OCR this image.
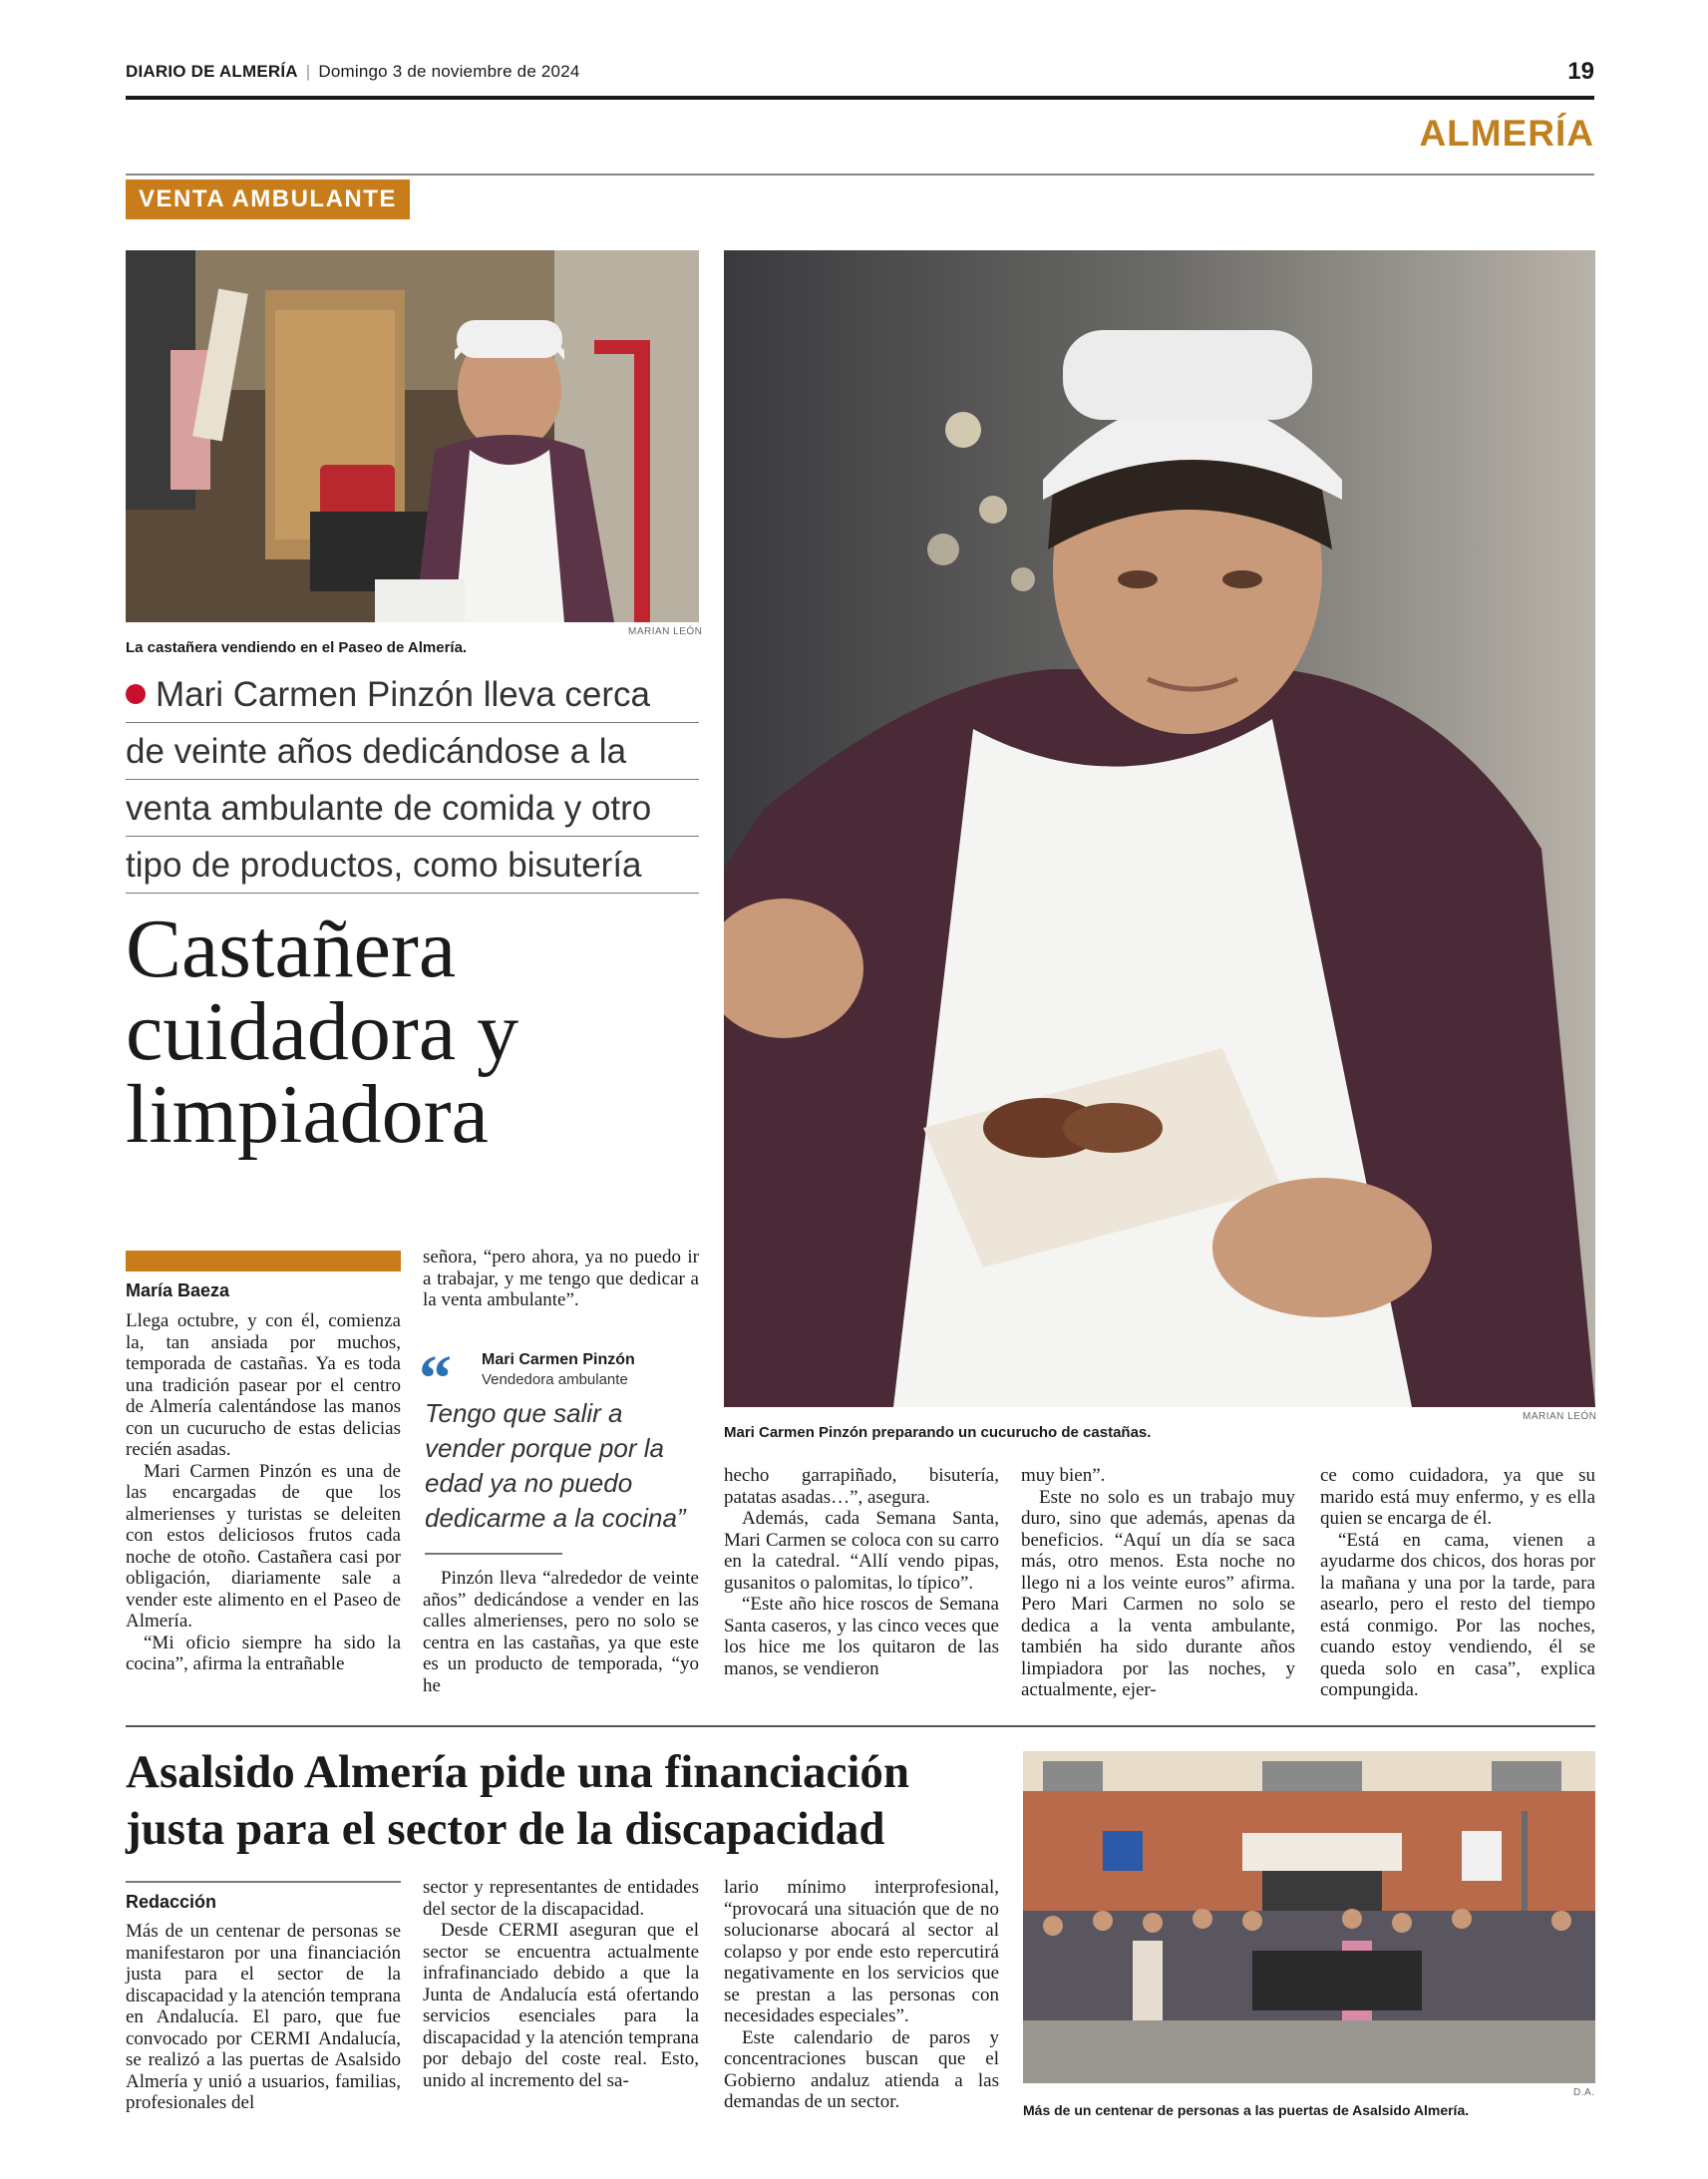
DIARIO DE ALMERÍA | Domingo 3 de noviembre de 2024	19
ALMERÍA
VENTA AMBULANTE
MARIAN LEÓN
La castañera vendiendo en el Paseo de Almería.
Mari Carmen Pinzón lleva cerca
de veinte años dedicándose a la
venta ambulante de comida y otro
tipo de productos, como bisutería
Castañera
cuidadora y
limpiadora
MARIAN LEÓN
Mari Carmen Pinzón preparando un cucurucho de castañas.
María Baeza

Llega octubre, y con él, comienza la, tan ansiada por muchos, temporada de castañas. Ya es toda una tradición pasear por el centro de Almería calentándose las manos con un cucurucho de estas delicias recién asadas.

Mari Carmen Pinzón es una de las encargadas de que los almerienses y turistas se deleiten con estos deliciosos frutos cada noche de otoño. Castañera casi por obligación, diariamente sale a vender este alimento en el Paseo de Almería.

“Mi oficio siempre ha sido la cocina”, afirma la entrañable

señora, “pero ahora, ya no puedo ir a trabajar, y me tengo que dedicar a la venta ambulante”.

“ Mari Carmen Pinzón
Vendedora ambulante
Tengo que salir a vender porque por la edad ya no puedo dedicarme a la cocina”

Pinzón lleva “alrededor de veinte años” dedicándose a vender en las calles almerienses, pero no solo se centra en las castañas, ya que este es un producto de temporada, “yo he

hecho garrapiñado, bisutería, patatas asadas…”, asegura.

Además, cada Semana Santa, Mari Carmen se coloca con su carro en la catedral. “Allí vendo pipas, gusanitos o palomitas, lo típico”.

“Este año hice roscos de Semana Santa caseros, y las cinco veces que los hice me los quitaron de las manos, se vendieron

muy bien”.

Este no solo es un trabajo muy duro, sino que además, apenas da beneficios. “Aquí un día se saca más, otro menos. Esta noche no llego ni a los veinte euros” afirma. Pero Mari Carmen no solo se dedica a la venta ambulante, también ha sido durante años limpiadora por las noches, y actualmente, ejer-

ce como cuidadora, ya que su marido está muy enfermo, y es ella quien se encarga de él.

“Está en cama, vienen a ayudarme dos chicos, dos horas por la mañana y una por la tarde, para asearlo, pero el resto del tiempo está conmigo. Por las noches, cuando estoy vendiendo, él se queda solo en casa”, explica compungida.

Asalsido Almería pide una financiación justa para el sector de la discapacidad
Redacción

Más de un centenar de personas se manifestaron por una financiación justa para el sector de la discapacidad y la atención temprana en Andalucía. El paro, que fue convocado por CERMI Andalucía, se realizó a las puertas de Asalsido Almería y unió a usuarios, familias, profesionales del

sector y representantes de entidades del sector de la discapacidad.

Desde CERMI aseguran que el sector se encuentra actualmente infrafinanciado debido a que la Junta de Andalucía está ofertando servicios esenciales para la discapacidad y la atención temprana por debajo del coste real. Esto, unido al incremento del sa-

lario mínimo interprofesional, “provocará una situación que de no solucionarse abocará al sector al colapso y por ende esto repercutirá negativamente en los servicios que se prestan a las personas con necesidades especiales”.

Este calendario de paros y concentraciones buscan que el Gobierno andaluz atienda a las demandas de un sector.	D.A.
Más de un centenar de personas a las puertas de Asalsido Almería.
